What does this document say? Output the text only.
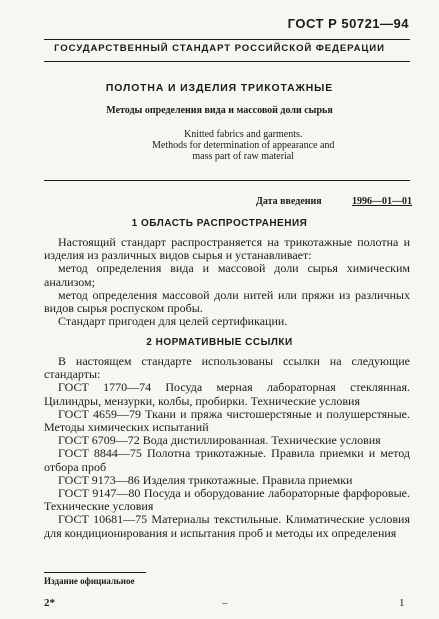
ГОСТ Р 50721—94
ГОСУДАРСТВЕННЫЙ СТАНДАРТ РОССИЙСКОЙ ФЕДЕРАЦИИ
ПОЛОТНА И ИЗДЕЛИЯ ТРИКОТАЖНЫЕ
Методы определения вида и массовой доли сырья
Knitted fabrics and garments.
Methods for determination of appearance and
mass part of raw material
Дата введения	1996—01—01
1 ОБЛАСТЬ РАСПРОСТРАНЕНИЯ

Настоящий стандарт распространяется на трикотажные полотна и изделия из различных видов сырья и устанавливает:

метод определения вида и массовой доли сырья химическим анализом;

метод определения массовой доли нитей или пряжи из различных видов сырья роспуском пробы.

Стандарт пригоден для целей сертификации.

2 НОРМАТИВНЫЕ ССЫЛКИ

В настоящем стандарте использованы ссылки на следующие стандарты:

ГОСТ 1770—74 Посуда мерная лабораторная стеклянная. Цилиндры, мензурки, колбы, пробирки. Технические условия

ГОСТ 4659—79 Ткани и пряжа чистошерстяные и полушерстяные. Методы химических испытаний

ГОСТ 6709—72 Вода дистиллированная. Технические условия

ГОСТ 8844—75 Полотна трикотажные. Правила приемки и метод отбора проб

ГОСТ 9173—86 Изделия трикотажные. Правила приемки

ГОСТ 9147—80 Посуда и оборудование лабораторные фарфоровые. Технические условия

ГОСТ 10681—75 Материалы текстильные. Климатические условия для кондиционирования и испытания проб и методы их определения

Издание официальное
2*	–	1
